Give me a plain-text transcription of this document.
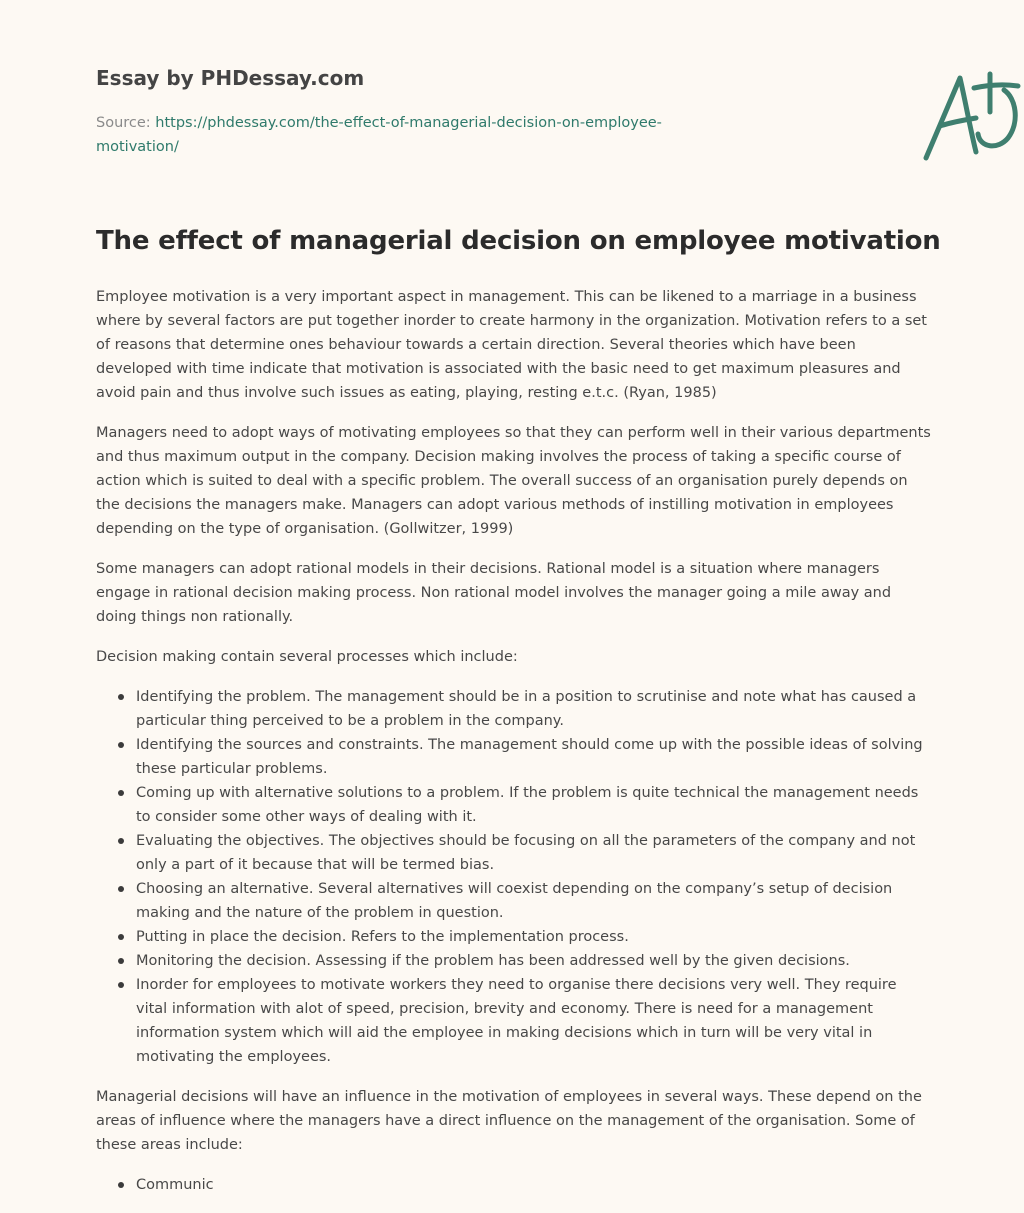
Essay by PHDessay.com
Source: https://phdessay.com/the-effect-of-managerial-decision-on-employee-motivation/
The effect of managerial decision on employee motivation

Employee motivation is a very important aspect in management. This can be likened to a marriage in a business where by several factors are put together inorder to create harmony in the organization. Motivation refers to a set of reasons that determine ones behaviour towards a certain direction. Several theories which have been developed with time indicate that motivation is associated with the basic need to get maximum pleasures and avoid pain and thus involve such issues as eating, playing, resting e.t.c. (Ryan, 1985)

Managers need to adopt ways of motivating employees so that they can perform well in their various departments and thus maximum output in the company. Decision making involves the process of taking a specific course of action which is suited to deal with a specific problem. The overall success of an organisation purely depends on the decisions the managers make. Managers can adopt various methods of instilling motivation in employees depending on the type of organisation. (Gollwitzer, 1999)

Some managers can adopt rational models in their decisions. Rational model is a situation where managers engage in rational decision making process. Non rational model involves the manager going a mile away and doing things non rationally.

Decision making contain several processes which include:

Identifying the problem. The management should be in a position to scrutinise and note what has caused a particular thing perceived to be a problem in the company.
Identifying the sources and constraints. The management should come up with the possible ideas of solving these particular problems.
Coming up with alternative solutions to a problem. If the problem is quite technical the management needs to consider some other ways of dealing with it.
Evaluating the objectives. The objectives should be focusing on all the parameters of the company and not only a part of it because that will be termed bias.
Choosing an alternative. Several alternatives will coexist depending on the company’s setup of decision making and the nature of the problem in question.
Putting in place the decision. Refers to the implementation process.
Monitoring the decision. Assessing if the problem has been addressed well by the given decisions.
Inorder for employees to motivate workers they need to organise there decisions very well. They require vital information with alot of speed, precision, brevity and economy. There is need for a management information system which will aid the employee in making decisions which in turn will be very vital in motivating the employees.

Managerial decisions will have an influence in the motivation of employees in several ways. These depend on the areas of influence where the managers have a direct influence on the management of the organisation. Some of these areas include:

Communic
